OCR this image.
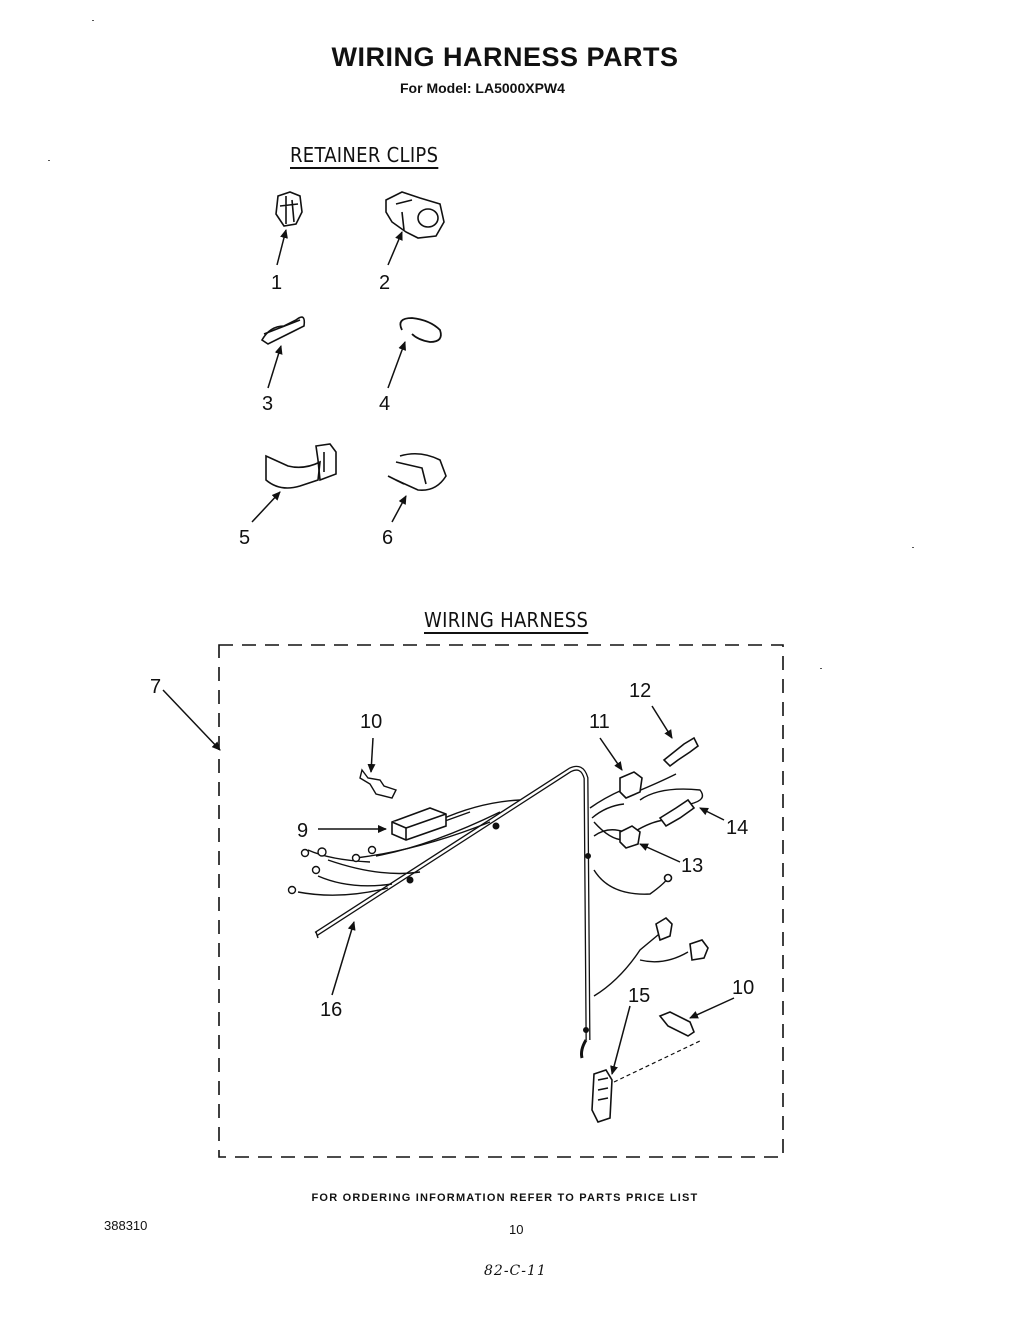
WIRING HARNESS PARTS
For Model: LA5000XPW4
RETAINER CLIPS
WIRING HARNESS
1	2
3	4
5	6
7
10
9
11
12
14
13
16
15	10
FOR ORDERING INFORMATION REFER TO PARTS PRICE LIST
388310	10
82-C-11
